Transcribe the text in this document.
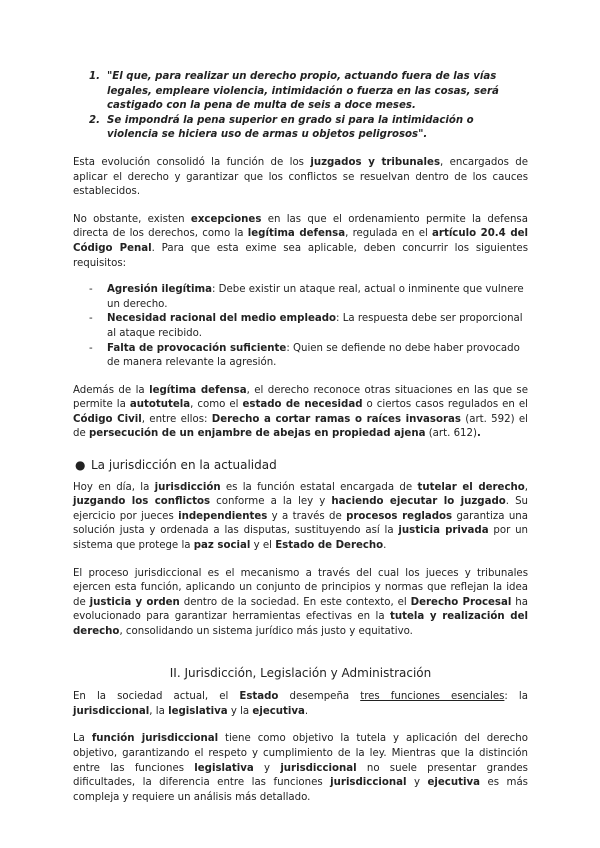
1. "El que, para realizar un derecho propio, actuando fuera de las vías legales, empleare violencia, intimidación o fuerza en las cosas, será castigado con la pena de multa de seis a doce meses.
2. Se impondrá la pena superior en grado si para la intimidación o violencia se hiciera uso de armas u objetos peligrosos".

Esta evolución consolidó la función de los juzgados y tribunales, encargados de aplicar el derecho y garantizar que los conflictos se resuelvan dentro de los cauces establecidos.

No obstante, existen excepciones en las que el ordenamiento permite la defensa directa de los derechos, como la legítima defensa, regulada en el artículo 20.4 del Código Penal. Para que esta exime sea aplicable, deben concurrir los siguientes requisitos:

- Agresión ilegítima: Debe existir un ataque real, actual o inminente que vulnere un derecho.
- Necesidad racional del medio empleado: La respuesta debe ser proporcional al ataque recibido.
- Falta de provocación suficiente: Quien se defiende no debe haber provocado de manera relevante la agresión.

Además de la legítima defensa, el derecho reconoce otras situaciones en las que se permite la autotutela, como el estado de necesidad o ciertos casos regulados en el Código Civil, entre ellos: Derecho a cortar ramas o raíces invasoras (art. 592) el de persecución de un enjambre de abejas en propiedad ajena (art. 612).

● La jurisdicción en la actualidad

Hoy en día, la jurisdicción es la función estatal encargada de tutelar el derecho, juzgando los conflictos conforme a la ley y haciendo ejecutar lo juzgado. Su ejercicio por jueces independientes y a través de procesos reglados garantiza una solución justa y ordenada a las disputas, sustituyendo así la justicia privada por un sistema que protege la paz social y el Estado de Derecho.

El proceso jurisdiccional es el mecanismo a través del cual los jueces y tribunales ejercen esta función, aplicando un conjunto de principios y normas que reflejan la idea de justicia y orden dentro de la sociedad. En este contexto, el Derecho Procesal ha evolucionado para garantizar herramientas efectivas en la tutela y realización del derecho, consolidando un sistema jurídico más justo y equitativo.

II. Jurisdicción, Legislación y Administración

En la sociedad actual, el Estado desempeña tres funciones esenciales: la jurisdiccional, la legislativa y la ejecutiva.

La función jurisdiccional tiene como objetivo la tutela y aplicación del derecho objetivo, garantizando el respeto y cumplimiento de la ley. Mientras que la distinción entre las funciones legislativa y jurisdiccional no suele presentar grandes dificultades, la diferencia entre las funciones jurisdiccional y ejecutiva es más compleja y requiere un análisis más detallado.
